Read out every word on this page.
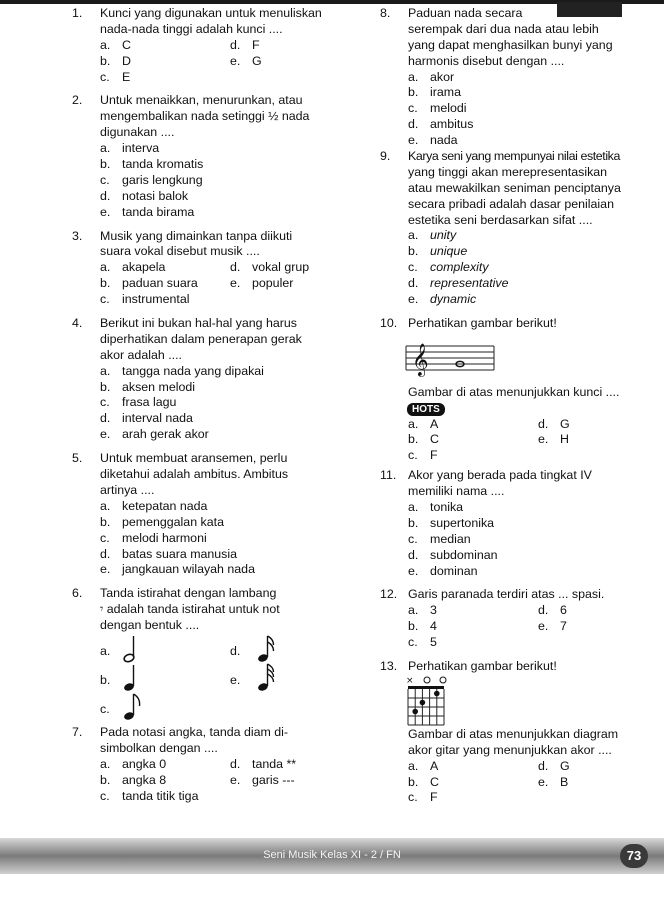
1. Kunci yang digunakan untuk menuliskan
nada-nada tinggi adalah kunci ....
a. C	d. F
b. D	e. G
c. E
2. Untuk menaikkan, menurunkan, atau
mengembalikan nada setinggi ½ nada
digunakan ....
a. interva
b. tanda kromatis
c. garis lengkung
d. notasi balok
e. tanda birama
3. Musik yang dimainkan tanpa diikuti
suara vokal disebut musik ....
a. akapela	d. vokal grup
b. paduan suara	e. populer
c. instrumental
4. Berikut ini bukan hal-hal yang harus
diperhatikan dalam penerapan gerak
akor adalah ....
a. tangga nada yang dipakai
b. aksen melodi
c. frasa lagu
d. interval nada
e. arah gerak akor
5. Untuk membuat aransemen, perlu
diketahui adalah ambitus. Ambitus
artinya ....
a. ketepatan nada
b. pemenggalan kata
c. melodi harmoni
d. batas suara manusia
e. jangkauan wilayah nada
6. Tanda istirahat dengan lambang
𝄾 adalah tanda istirahat untuk not
dengan bentuk ....
a.	d.
b.	e.
c.
7. Pada notasi angka, tanda diam di-
simbolkan dengan ....
a. angka 0	d. tanda **
b. angka 8	e. garis ---
c. tanda titik tiga
8. Paduan nada secara
serempak dari dua nada atau lebih
yang dapat menghasilkan bunyi yang
harmonis disebut dengan ....
a. akor
b. irama
c. melodi
d. ambitus
e. nada
9. Karya seni yang mempunyai nilai estetika
yang tinggi akan merepresentasikan
atau mewakilkan seniman penciptanya
secara pribadi adalah dasar penilaian
estetika seni berdasarkan sifat ....
a. unity
b. unique
c. complexity
d. representative
e. dynamic
10. Perhatikan gambar berikut!
𝄞
Gambar di atas menunjukkan kunci ....
HOTS
a. A	d. G
b. C	e. H
c. F
11. Akor yang berada pada tingkat IV
memiliki nama ....
a. tonika
b. supertonika
c. median
d. subdominan
e. dominan
12. Garis paranada terdiri atas ... spasi.
a. 3	d. 6
b. 4	e. 7
c. 5
13. Perhatikan gambar berikut!
×
Gambar di atas menunjukkan diagram
akor gitar yang menunjukkan akor ....
a. A	d. G
b. C	e. B
c. F
Seni Musik Kelas XI - 2 / FN	73
